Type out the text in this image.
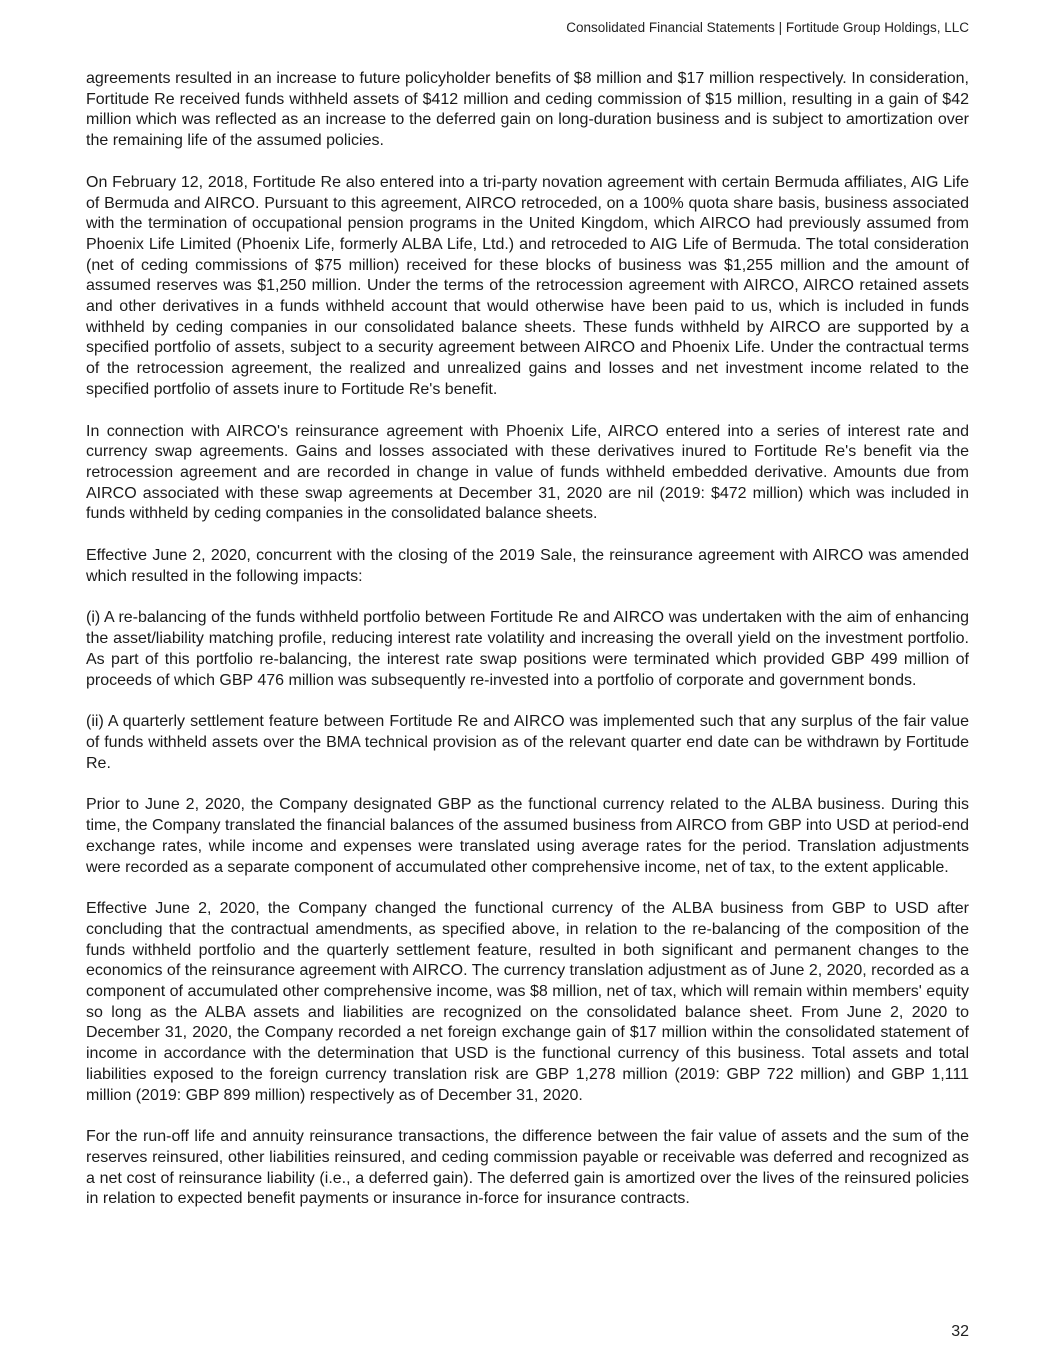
Consolidated Financial Statements | Fortitude Group Holdings, LLC

agreements resulted in an increase to future policyholder benefits of $8 million and $17 million respectively. In consideration, Fortitude Re received funds withheld assets of $412 million and ceding commission of $15 million, resulting in a gain of $42 million which was reflected as an increase to the deferred gain on long-duration business and is subject to amortization over the remaining life of the assumed policies.

On February 12, 2018, Fortitude Re also entered into a tri-party novation agreement with certain Bermuda affiliates, AIG Life of Bermuda and AIRCO. Pursuant to this agreement, AIRCO retroceded, on a 100% quota share basis, business associated with the termination of occupational pension programs in the United Kingdom, which AIRCO had previously assumed from Phoenix Life Limited (Phoenix Life, formerly ALBA Life, Ltd.) and retroceded to AIG Life of Bermuda. The total consideration (net of ceding commissions of $75 million) received for these blocks of business was $1,255 million and the amount of assumed reserves was $1,250 million. Under the terms of the retrocession agreement with AIRCO, AIRCO retained assets and other derivatives in a funds withheld account that would otherwise have been paid to us, which is included in funds withheld by ceding companies in our consolidated balance sheets. These funds withheld by AIRCO are supported by a specified portfolio of assets, subject to a security agreement between AIRCO and Phoenix Life. Under the contractual terms of the retrocession agreement, the realized and unrealized gains and losses and net investment income related to the specified portfolio of assets inure to Fortitude Re's benefit.

In connection with AIRCO's reinsurance agreement with Phoenix Life, AIRCO entered into a series of interest rate and currency swap agreements. Gains and losses associated with these derivatives inured to Fortitude Re's benefit via the retrocession agreement and are recorded in change in value of funds withheld embedded derivative. Amounts due from AIRCO associated with these swap agreements at December 31, 2020 are nil (2019: $472 million) which was included in funds withheld by ceding companies in the consolidated balance sheets.

Effective June 2, 2020, concurrent with the closing of the 2019 Sale, the reinsurance agreement with AIRCO was amended which resulted in the following impacts:

(i) A re-balancing of the funds withheld portfolio between Fortitude Re and AIRCO was undertaken with the aim of enhancing the asset/liability matching profile, reducing interest rate volatility and increasing the overall yield on the investment portfolio. As part of this portfolio re-balancing, the interest rate swap positions were terminated which provided GBP 499 million of proceeds of which GBP 476 million was subsequently re-invested into a portfolio of corporate and government bonds.

(ii) A quarterly settlement feature between Fortitude Re and AIRCO was implemented such that any surplus of the fair value of funds withheld assets over the BMA technical provision as of the relevant quarter end date can be withdrawn by Fortitude Re.

Prior to June 2, 2020, the Company designated GBP as the functional currency related to the ALBA business. During this time, the Company translated the financial balances of the assumed business from AIRCO from GBP into USD at period-end exchange rates, while income and expenses were translated using average rates for the period. Translation adjustments were recorded as a separate component of accumulated other comprehensive income, net of tax, to the extent applicable.

Effective June 2, 2020, the Company changed the functional currency of the ALBA business from GBP to USD after concluding that the contractual amendments, as specified above, in relation to the re-balancing of the composition of the funds withheld portfolio and the quarterly settlement feature, resulted in both significant and permanent changes to the economics of the reinsurance agreement with AIRCO. The currency translation adjustment as of June 2, 2020, recorded as a component of accumulated other comprehensive income, was $8 million, net of tax, which will remain within members' equity so long as the ALBA assets and liabilities are recognized on the consolidated balance sheet. From June 2, 2020 to December 31, 2020, the Company recorded a net foreign exchange gain of $17 million within the consolidated statement of income in accordance with the determination that USD is the functional currency of this business. Total assets and total liabilities exposed to the foreign currency translation risk are GBP 1,278 million (2019: GBP 722 million) and GBP 1,111 million (2019: GBP 899 million) respectively as of December 31, 2020.

For the run-off life and annuity reinsurance transactions, the difference between the fair value of assets and the sum of the reserves reinsured, other liabilities reinsured, and ceding commission payable or receivable was deferred and recognized as a net cost of reinsurance liability (i.e., a deferred gain). The deferred gain is amortized over the lives of the reinsured policies in relation to expected benefit payments or insurance in-force for insurance contracts.

32
